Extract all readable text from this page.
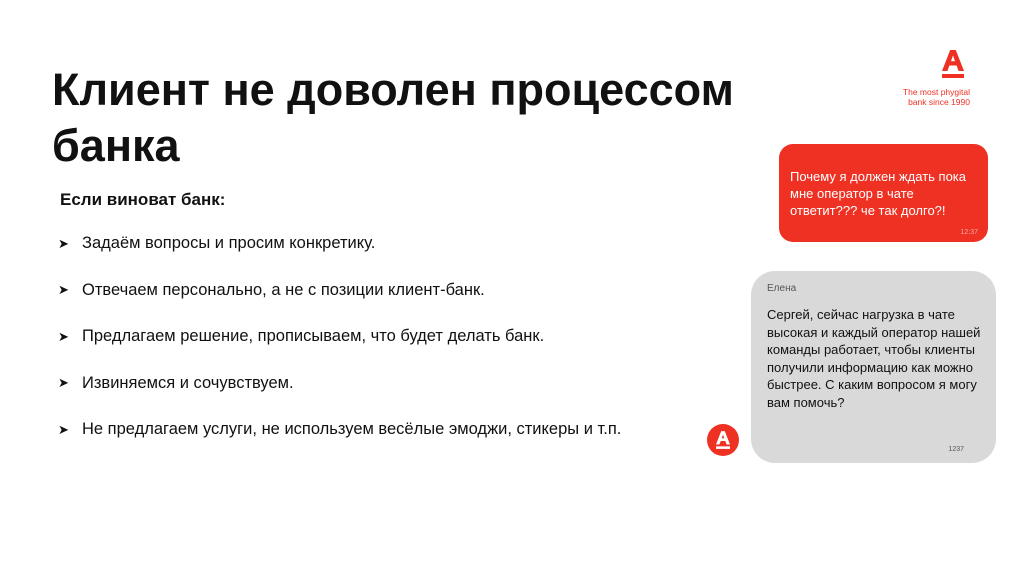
Клиент не доволен процессом банка
The most phygital
bank since 1990
Если виноват банк:
➤ Задаём вопросы и просим конкретику.
➤ Отвечаем персонально, а не с позиции клиент-банк.
➤ Предлагаем решение, прописываем, что будет делать банк.
➤ Извиняемся и сочувствуем.
➤ Не предлагаем услуги, не используем весёлые эмоджи, стикеры и т.п.
Почему я должен ждать пока мне оператор в чате ответит??? че так долго?!
12:37
Елена
Сергей, сейчас нагрузка в чате высокая и каждый оператор нашей команды работает, чтобы клиенты получили информацию как можно быстрее. С каким вопросом я могу вам помочь?
1237
